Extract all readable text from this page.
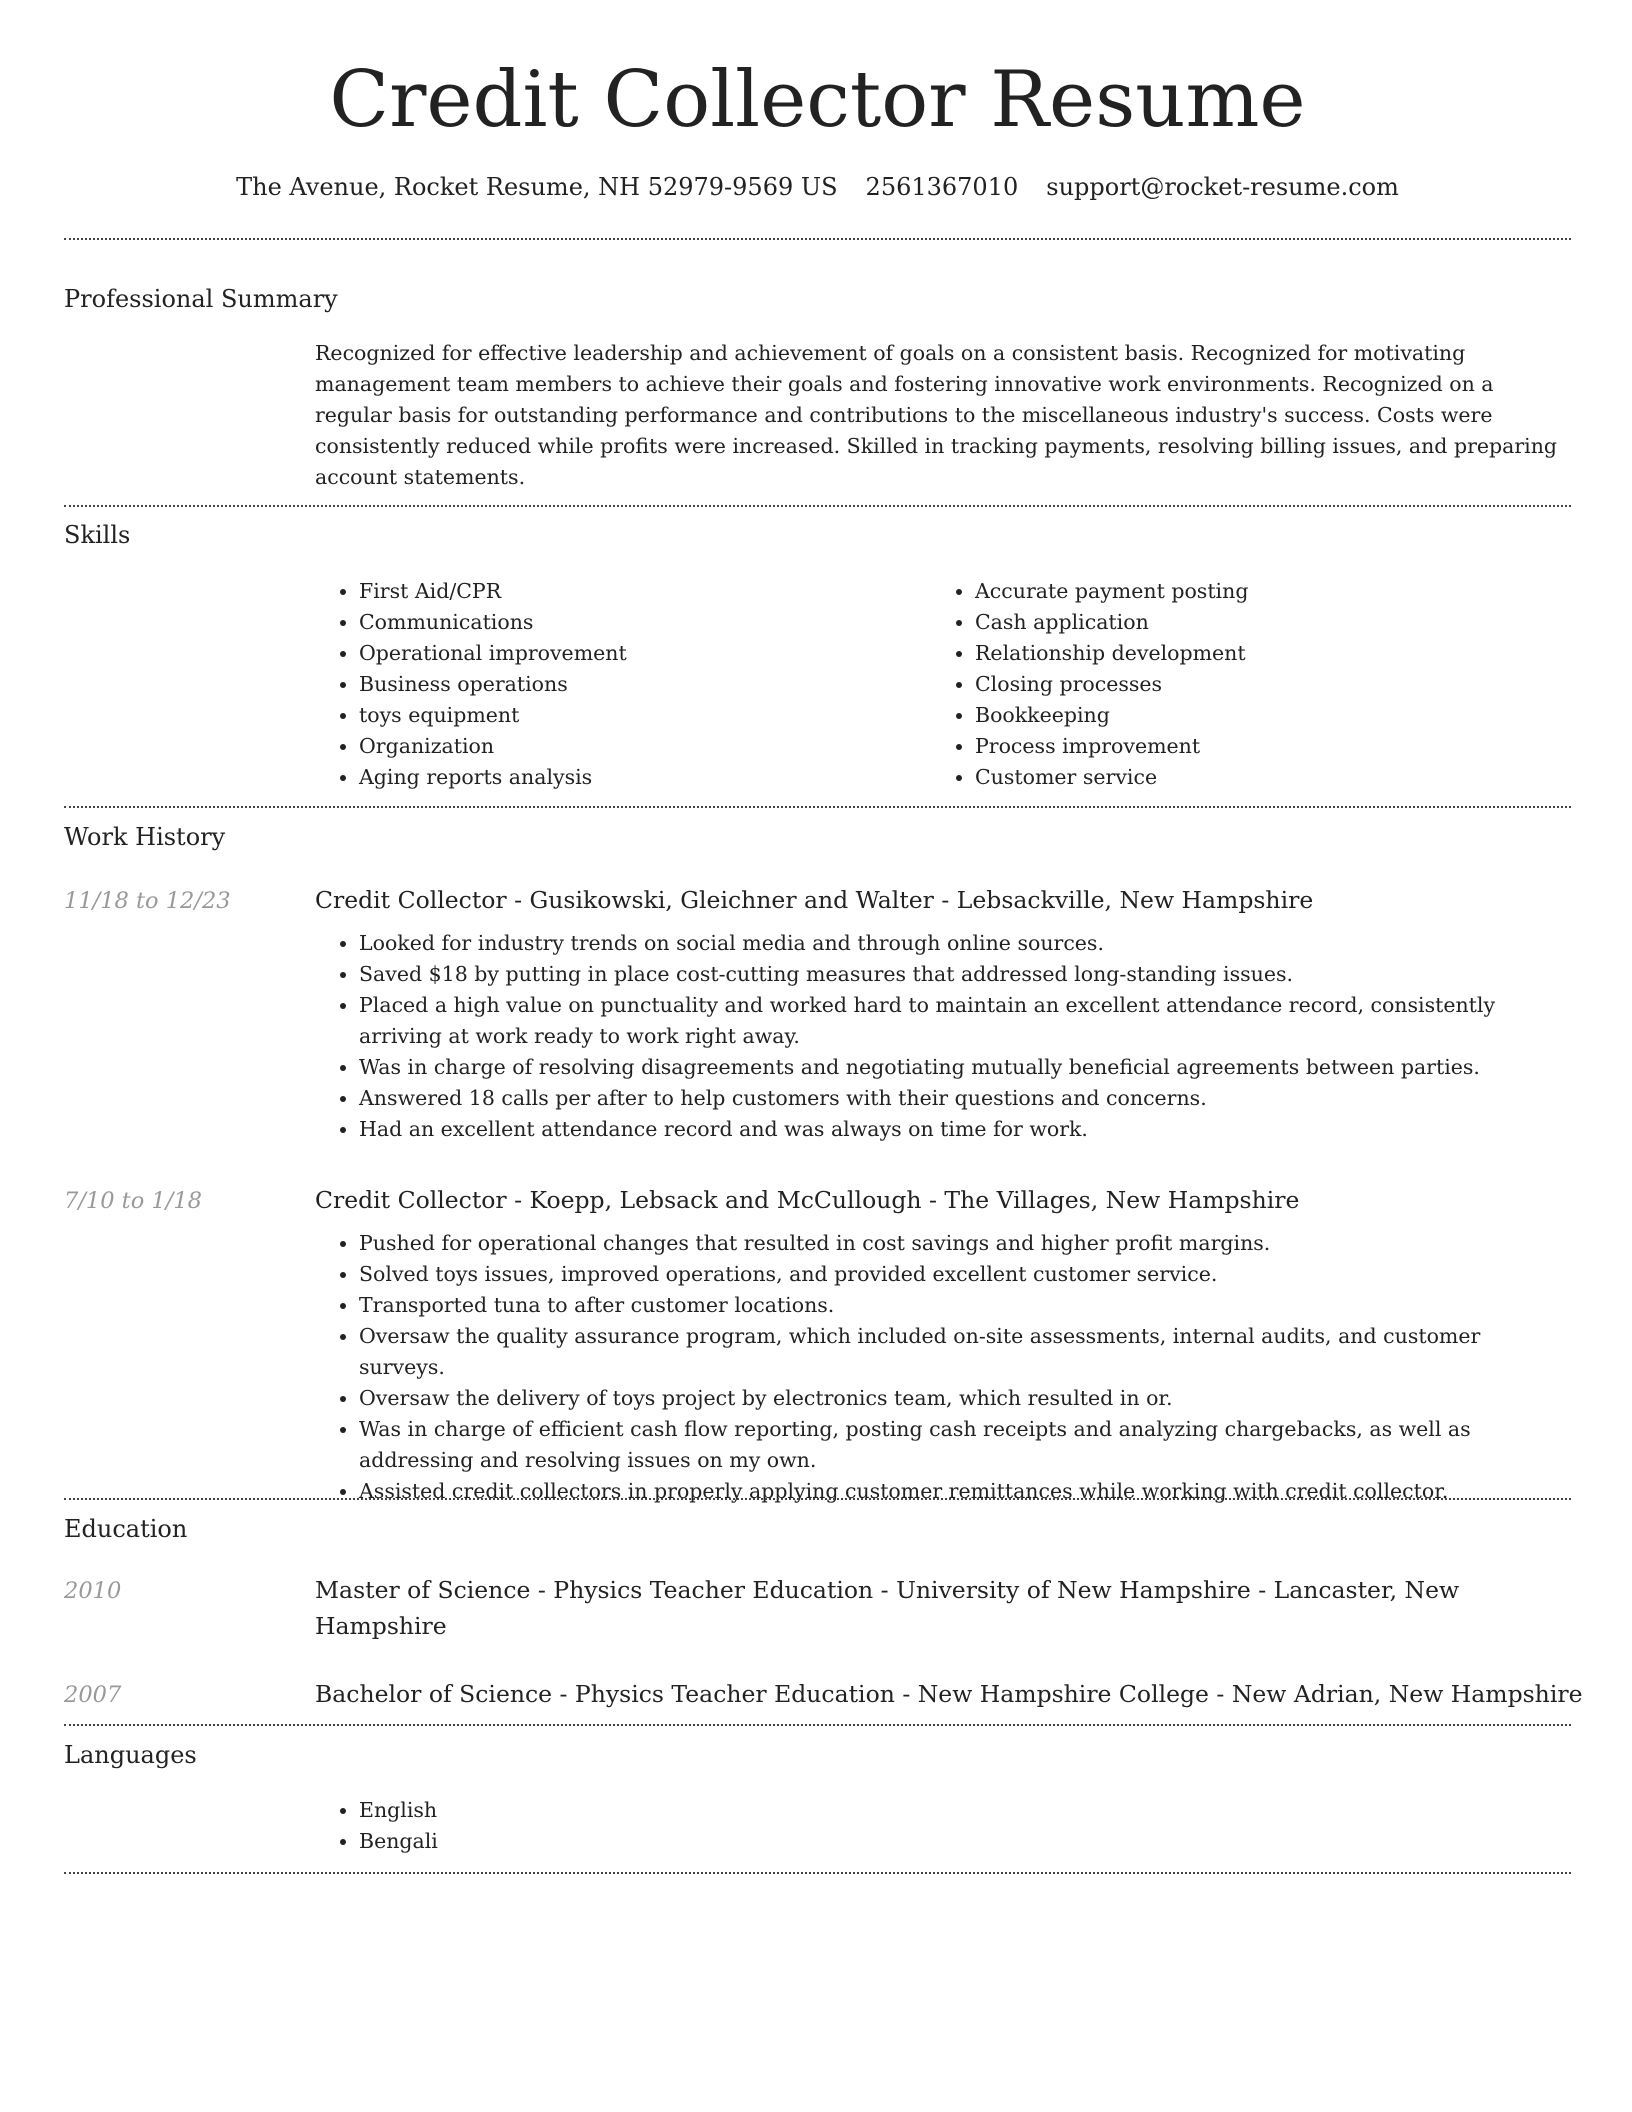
Credit Collector Resume
The Avenue, Rocket Resume, NH 52979-9569 US 2561367010 support@rocket-resume.com
Professional Summary

Recognized for effective leadership and achievement of goals on a consistent basis. Recognized for motivating management team members to achieve their goals and fostering innovative work environments. Recognized on a regular basis for outstanding performance and contributions to the miscellaneous industry's success. Costs were consistently reduced while profits were increased. Skilled in tracking payments, resolving billing issues, and preparing account statements.

Skills
• First Aid/CPR
• Communications
• Operational improvement
• Business operations
• toys equipment
• Organization
• Aging reports analysis
• Accurate payment posting
• Cash application
• Relationship development
• Closing processes
• Bookkeeping
• Process improvement
• Customer service
Work History
11/18 to 12/23	Credit Collector - Gusikowski, Gleichner and Walter - Lebsackville, New Hampshire

• Looked for industry trends on social media and through online sources.
• Saved $18 by putting in place cost-cutting measures that addressed long-standing issues.
• Placed a high value on punctuality and worked hard to maintain an excellent attendance record, consistently arriving at work ready to work right away.
• Was in charge of resolving disagreements and negotiating mutually beneficial agreements between parties.
• Answered 18 calls per after to help customers with their questions and concerns.
• Had an excellent attendance record and was always on time for work.
7/10 to 1/18	Credit Collector - Koepp, Lebsack and McCullough - The Villages, New Hampshire

• Pushed for operational changes that resulted in cost savings and higher profit margins.
• Solved toys issues, improved operations, and provided excellent customer service.
• Transported tuna to after customer locations.
• Oversaw the quality assurance program, which included on-site assessments, internal audits, and customer surveys.
• Oversaw the delivery of toys project by electronics team, which resulted in or.
• Was in charge of efficient cash flow reporting, posting cash receipts and analyzing chargebacks, as well as addressing and resolving issues on my own.
• Assisted credit collectors in properly applying customer remittances while working with credit collector.
Education
2010	Master of Science - Physics Teacher Education - University of New Hampshire - Lancaster, New Hampshire

2007	Bachelor of Science - Physics Teacher Education - New Hampshire College - New Adrian, New Hampshire

Languages
• English
• Bengali
